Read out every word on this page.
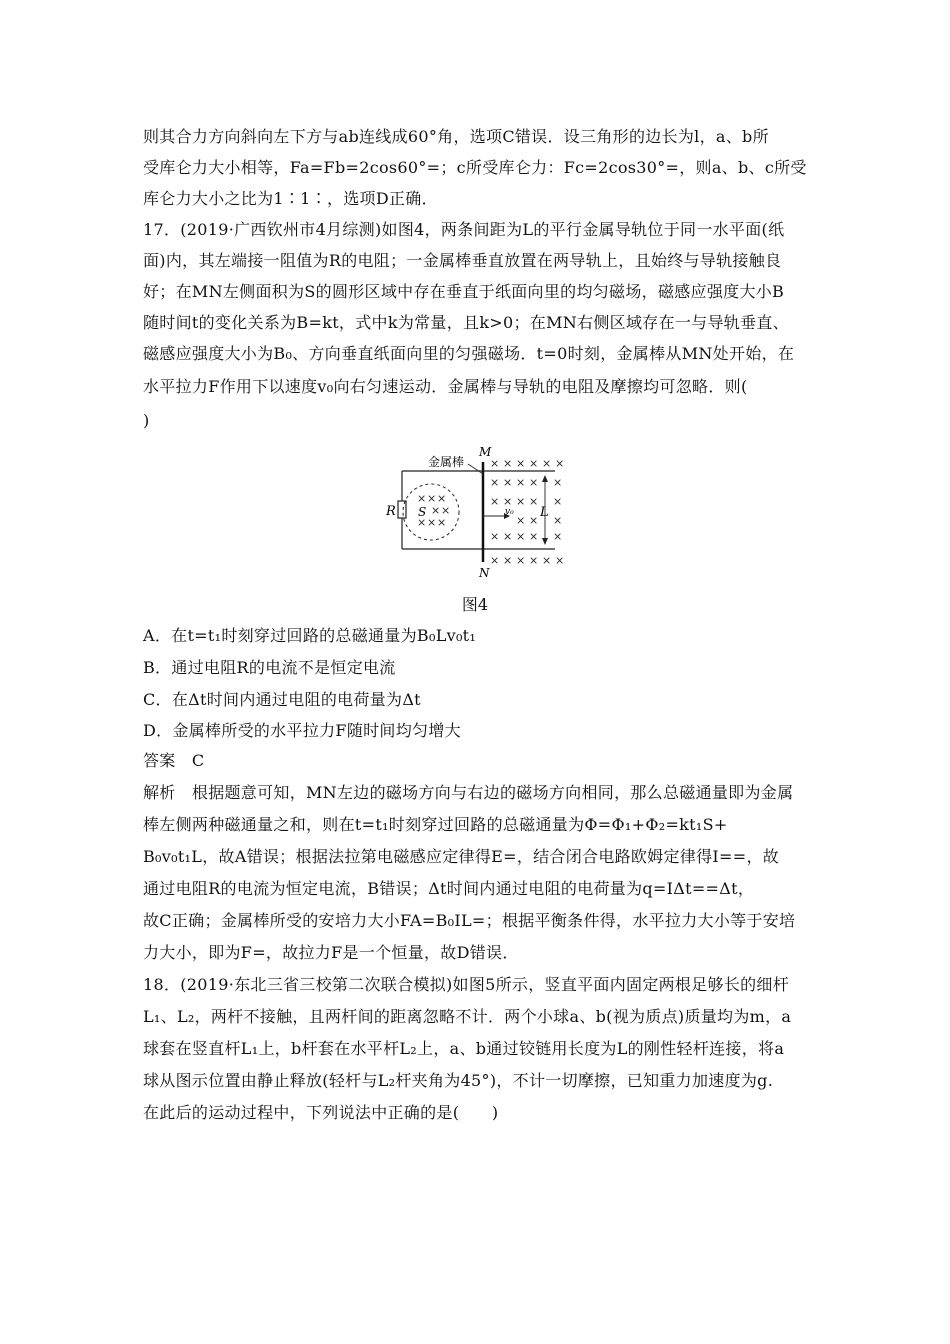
则其合力方向斜向左下方与ab连线成60°角，选项C错误．设三角形的边长为l，a、b所
受库仑力大小相等，Fa=Fb=2cos60°=；c所受库仑力：Fc=2cos30°=，则a、b、c所受
库仑力大小之比为1∶1∶，选项D正确．
17．(2019·广西钦州市4月综测)如图4，两条间距为L的平行金属导轨位于同一水平面(纸
面)内，其左端接一阻值为R的电阻；一金属棒垂直放置在两导轨上，且始终与导轨接触良
好；在MN左侧面积为S的圆形区域中存在垂直于纸面向里的均匀磁场，磁感应强度大小B
随时间t的变化关系为B=kt，式中k为常量，且k>0；在MN右侧区域存在一与导轨垂直、
磁感应强度大小为B₀、方向垂直纸面向里的匀强磁场．t=0时刻，金属棒从MN处开始，在
水平拉力F作用下以速度v₀向右匀速运动．金属棒与导轨的电阻及摩擦均可忽略．则(
)
R
× × ×
× ×
× × ×
S
金属棒
M
N
v₀ L
× × × × × ×
× × × × ×
× × × × ×
× × ×
× × × × ×
× × × × × ×
图4
A．在t=t₁时刻穿过回路的总磁通量为B₀Lv₀t₁
B．通过电阻R的电流不是恒定电流
C．在Δt时间内通过电阻的电荷量为Δt
D．金属棒所受的水平拉力F随时间均匀增大
答案　C
解析　根据题意可知，MN左边的磁场方向与右边的磁场方向相同，那么总磁通量即为金属
棒左侧两种磁通量之和，则在t=t₁时刻穿过回路的总磁通量为Φ=Φ₁+Φ₂=kt₁S+
B₀v₀t₁L，故A错误；根据法拉第电磁感应定律得E=，结合闭合电路欧姆定律得I==，故
通过电阻R的电流为恒定电流，B错误；Δt时间内通过电阻的电荷量为q=IΔt==Δt，
故C正确；金属棒所受的安培力大小FA=B₀IL=；根据平衡条件得，水平拉力大小等于安培
力大小，即为F=，故拉力F是一个恒量，故D错误．
18．(2019·东北三省三校第二次联合模拟)如图5所示，竖直平面内固定两根足够长的细杆
L₁、L₂，两杆不接触，且两杆间的距离忽略不计．两个小球a、b(视为质点)质量均为m，a
球套在竖直杆L₁上，b杆套在水平杆L₂上，a、b通过铰链用长度为L的刚性轻杆连接，将a
球从图示位置由静止释放(轻杆与L₂杆夹角为45°)，不计一切摩擦，已知重力加速度为g.
在此后的运动过程中，下列说法中正确的是(　　)
